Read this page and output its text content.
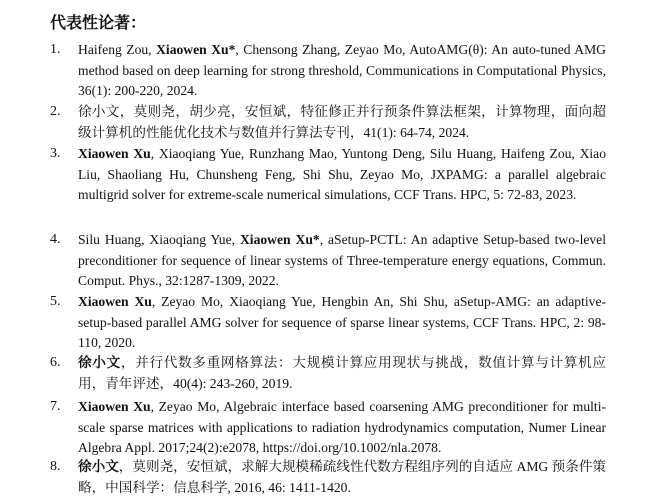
代表性论著：
1. Haifeng Zou, Xiaowen Xu*, Chensong Zhang, Zeyao Mo, AutoAMG(θ): An auto-tuned AMG method based on deep learning for strong threshold, Communications in Computational Physics, 36(1): 200-220, 2024.
2. 徐小文，莫则尧，胡少亮，安恒斌，特征修正并行预条件算法框架，计算物理，面向超级计算机的性能优化技术与数值并行算法专刊，41(1): 64-74, 2024.
3. Xiaowen Xu, Xiaoqiang Yue, Runzhang Mao, Yuntong Deng, Silu Huang, Haifeng Zou, Xiao Liu, Shaoliang Hu, Chunsheng Feng, Shi Shu, Zeyao Mo, JXPAMG: a parallel algebraic multigrid solver for extreme-scale numerical simulations, CCF Trans. HPC, 5: 72-83, 2023.
4. Silu Huang, Xiaoqiang Yue, Xiaowen Xu*, aSetup-PCTL: An adaptive Setup-based two-level preconditioner for sequence of linear systems of Three-temperature energy equations, Commun. Comput. Phys., 32:1287-1309, 2022.
5. Xiaowen Xu, Zeyao Mo, Xiaoqiang Yue, Hengbin An, Shi Shu, aSetup-AMG: an adaptive-setup-based parallel AMG solver for sequence of sparse linear systems, CCF Trans. HPC, 2: 98-110, 2020.
6. 徐小文，并行代数多重网格算法：大规模计算应用现状与挑战，数值计算与计算机应用，青年评述，40(4): 243-260, 2019.
7. Xiaowen Xu, Zeyao Mo, Algebraic interface based coarsening AMG preconditioner for multi-scale sparse matrices with applications to radiation hydrodynamics computation, Numer Linear Algebra Appl. 2017;24(2):e2078, https://doi.org/10.1002/nla.2078.
8. 徐小文，莫则尧，安恒斌，求解大规模稀疏线性代数方程组序列的自适应 AMG 预条件策略，中国科学：信息科学, 2016, 46: 1411-1420.
